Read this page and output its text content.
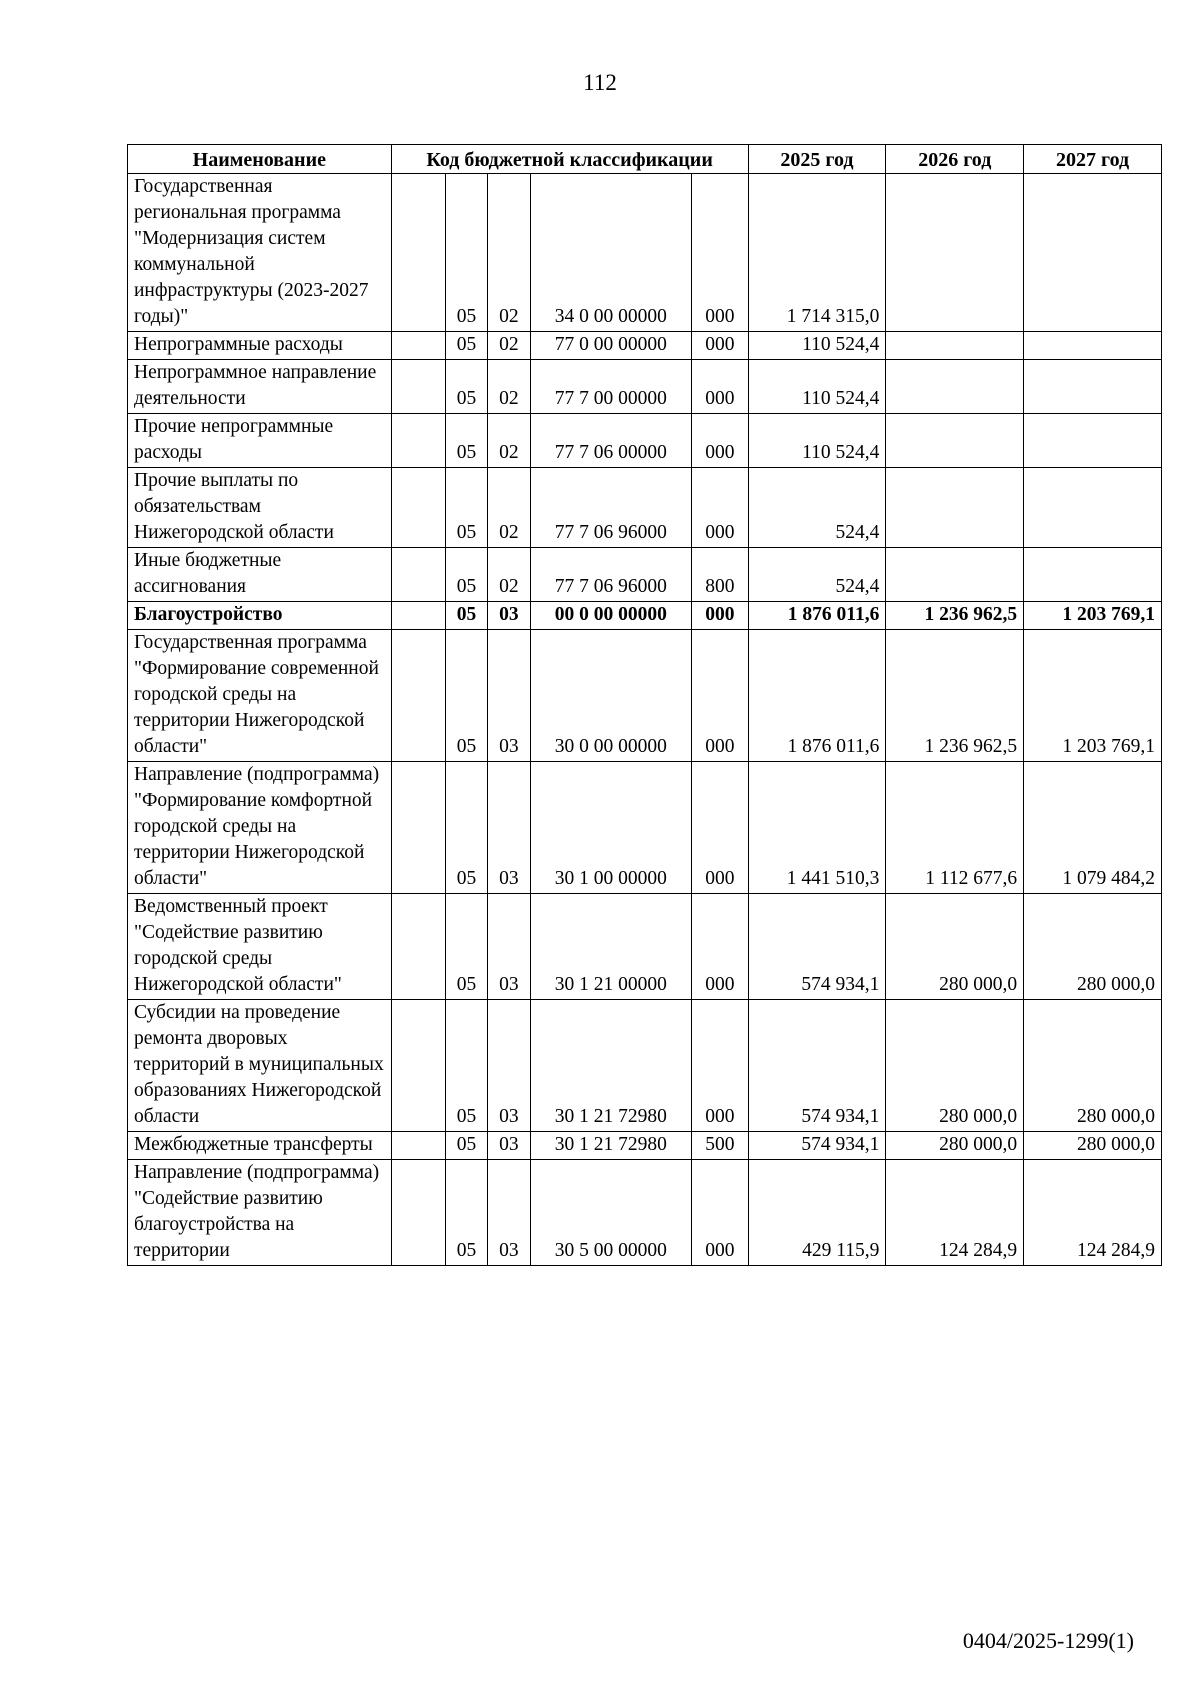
112
Наименование	Код бюджетной классификации					2025 год	2026 год	2027 год
Государственная региональная программа "Модернизация систем коммунальной инфраструктуры (2023-2027 годы)"		05	02	34 0 00 00000	000	1 714 315,0		
Непрограммные расходы		05	02	77 0 00 00000	000	110 524,4		
Непрограммное направление деятельности		05	02	77 7 00 00000	000	110 524,4		
Прочие непрограммные расходы		05	02	77 7 06 00000	000	110 524,4		
Прочие выплаты по обязательствам Нижегородской области		05	02	77 7 06 96000	000	524,4		
Иные бюджетные ассигнования		05	02	77 7 06 96000	800	524,4		
Благоустройство		05	03	00 0 00 00000	000	1 876 011,6	1 236 962,5	1 203 769,1
Государственная программа "Формирование современной городской среды на территории Нижегородской области"		05	03	30 0 00 00000	000	1 876 011,6	1 236 962,5	1 203 769,1
Направление (подпрограмма) "Формирование комфортной городской среды на территории Нижегородской области"		05	03	30 1 00 00000	000	1 441 510,3	1 112 677,6	1 079 484,2
Ведомственный проект "Содействие развитию городской среды Нижегородской области"		05	03	30 1 21 00000	000	574 934,1	280 000,0	280 000,0
Субсидии на проведение ремонта дворовых территорий в муниципальных образованиях Нижегородской области		05	03	30 1 21 72980	000	574 934,1	280 000,0	280 000,0
Межбюджетные трансферты		05	03	30 1 21 72980	500	574 934,1	280 000,0	280 000,0
Направление (подпрограмма) "Содействие развитию благоустройства на территории		05	03	30 5 00 00000	000	429 115,9	124 284,9	124 284,9
0404/2025-1299(1)
